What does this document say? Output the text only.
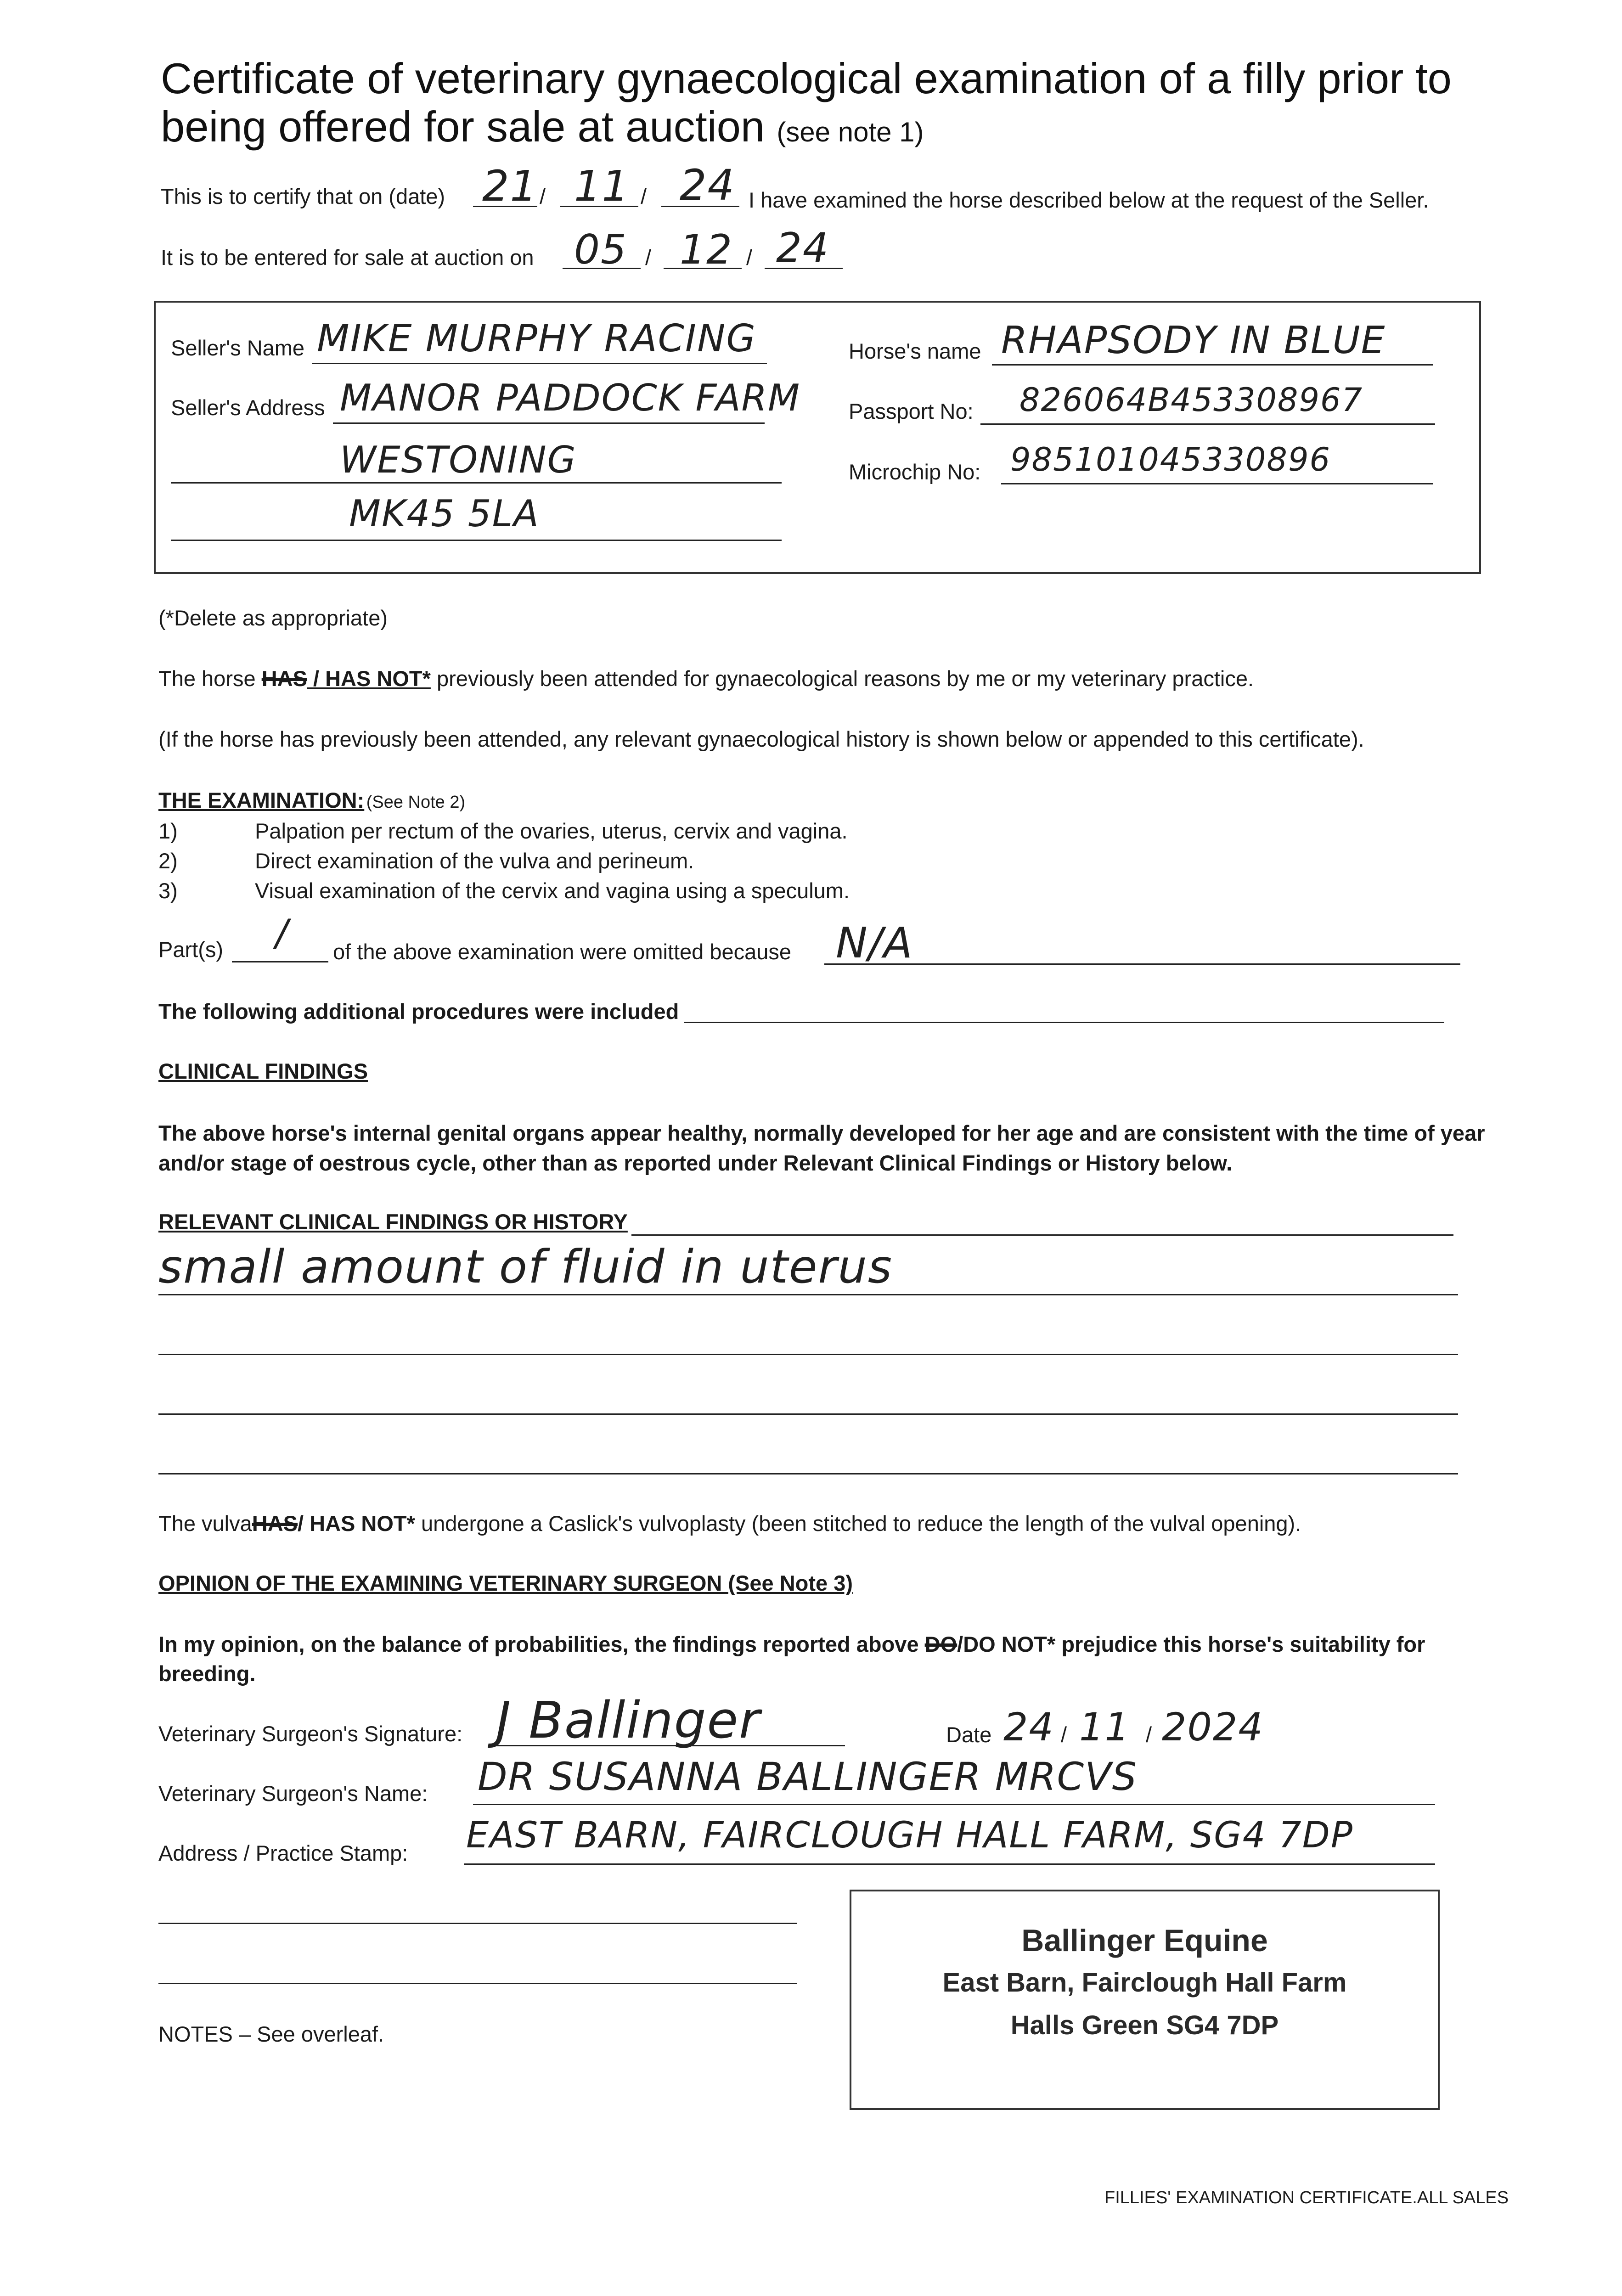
Certificate of veterinary gynaecological examination of a filly prior to
being offered for sale at auction (see note 1)
This is to certify that on (date) 21 / 11 / 24 I have examined the horse described below at the request of the Seller.
It is to be entered for sale at auction on 05 / 12 / 24
Seller's Name MIKE MURPHY RACING
Seller's Address MANOR PADDOCK FARM
WESTONING
MK45 5LA
Horse's name RHAPSODY IN BLUE
Passport No: 826064B453308967
Microchip No: 985101045330896
(*Delete as appropriate)
The horse HAS / HAS NOT* previously been attended for gynaecological reasons by me or my veterinary practice.
(If the horse has previously been attended, any relevant gynaecological history is shown below or appended to this certificate).
THE EXAMINATION: (See Note 2)
1)	Palpation per rectum of the ovaries, uterus, cervix and vagina.
2)	Direct examination of the vulva and perineum.
3)	Visual examination of the cervix and vagina using a speculum.
Part(s) / of the above examination were omitted because N/A
The following additional procedures were included
CLINICAL FINDINGS
The above horse's internal genital organs appear healthy, normally developed for her age and are consistent with the time of year
and/or stage of oestrous cycle, other than as reported under Relevant Clinical Findings or History below.
RELEVANT CLINICAL FINDINGS OR HISTORY
small amount of fluid in uterus
The vulvaHAS/ HAS NOT* undergone a Caslick's vulvoplasty (been stitched to reduce the length of the vulval opening).
OPINION OF THE EXAMINING VETERINARY SURGEON (See Note 3)
In my opinion, on the balance of probabilities, the findings reported above DO/DO NOT* prejudice this horse's suitability for
breeding.
Veterinary Surgeon's Signature: J Ballinger	Date 24 / 11 / 2024
Veterinary Surgeon's Name: DR SUSANNA BALLINGER MRCVS
Address / Practice Stamp: EAST BARN, FAIRCLOUGH HALL FARM, SG4 7DP
Ballinger Equine
East Barn, Fairclough Hall Farm
Halls Green SG4 7DP
NOTES – See overleaf.
FILLIES' EXAMINATION CERTIFICATE.ALL SALES
